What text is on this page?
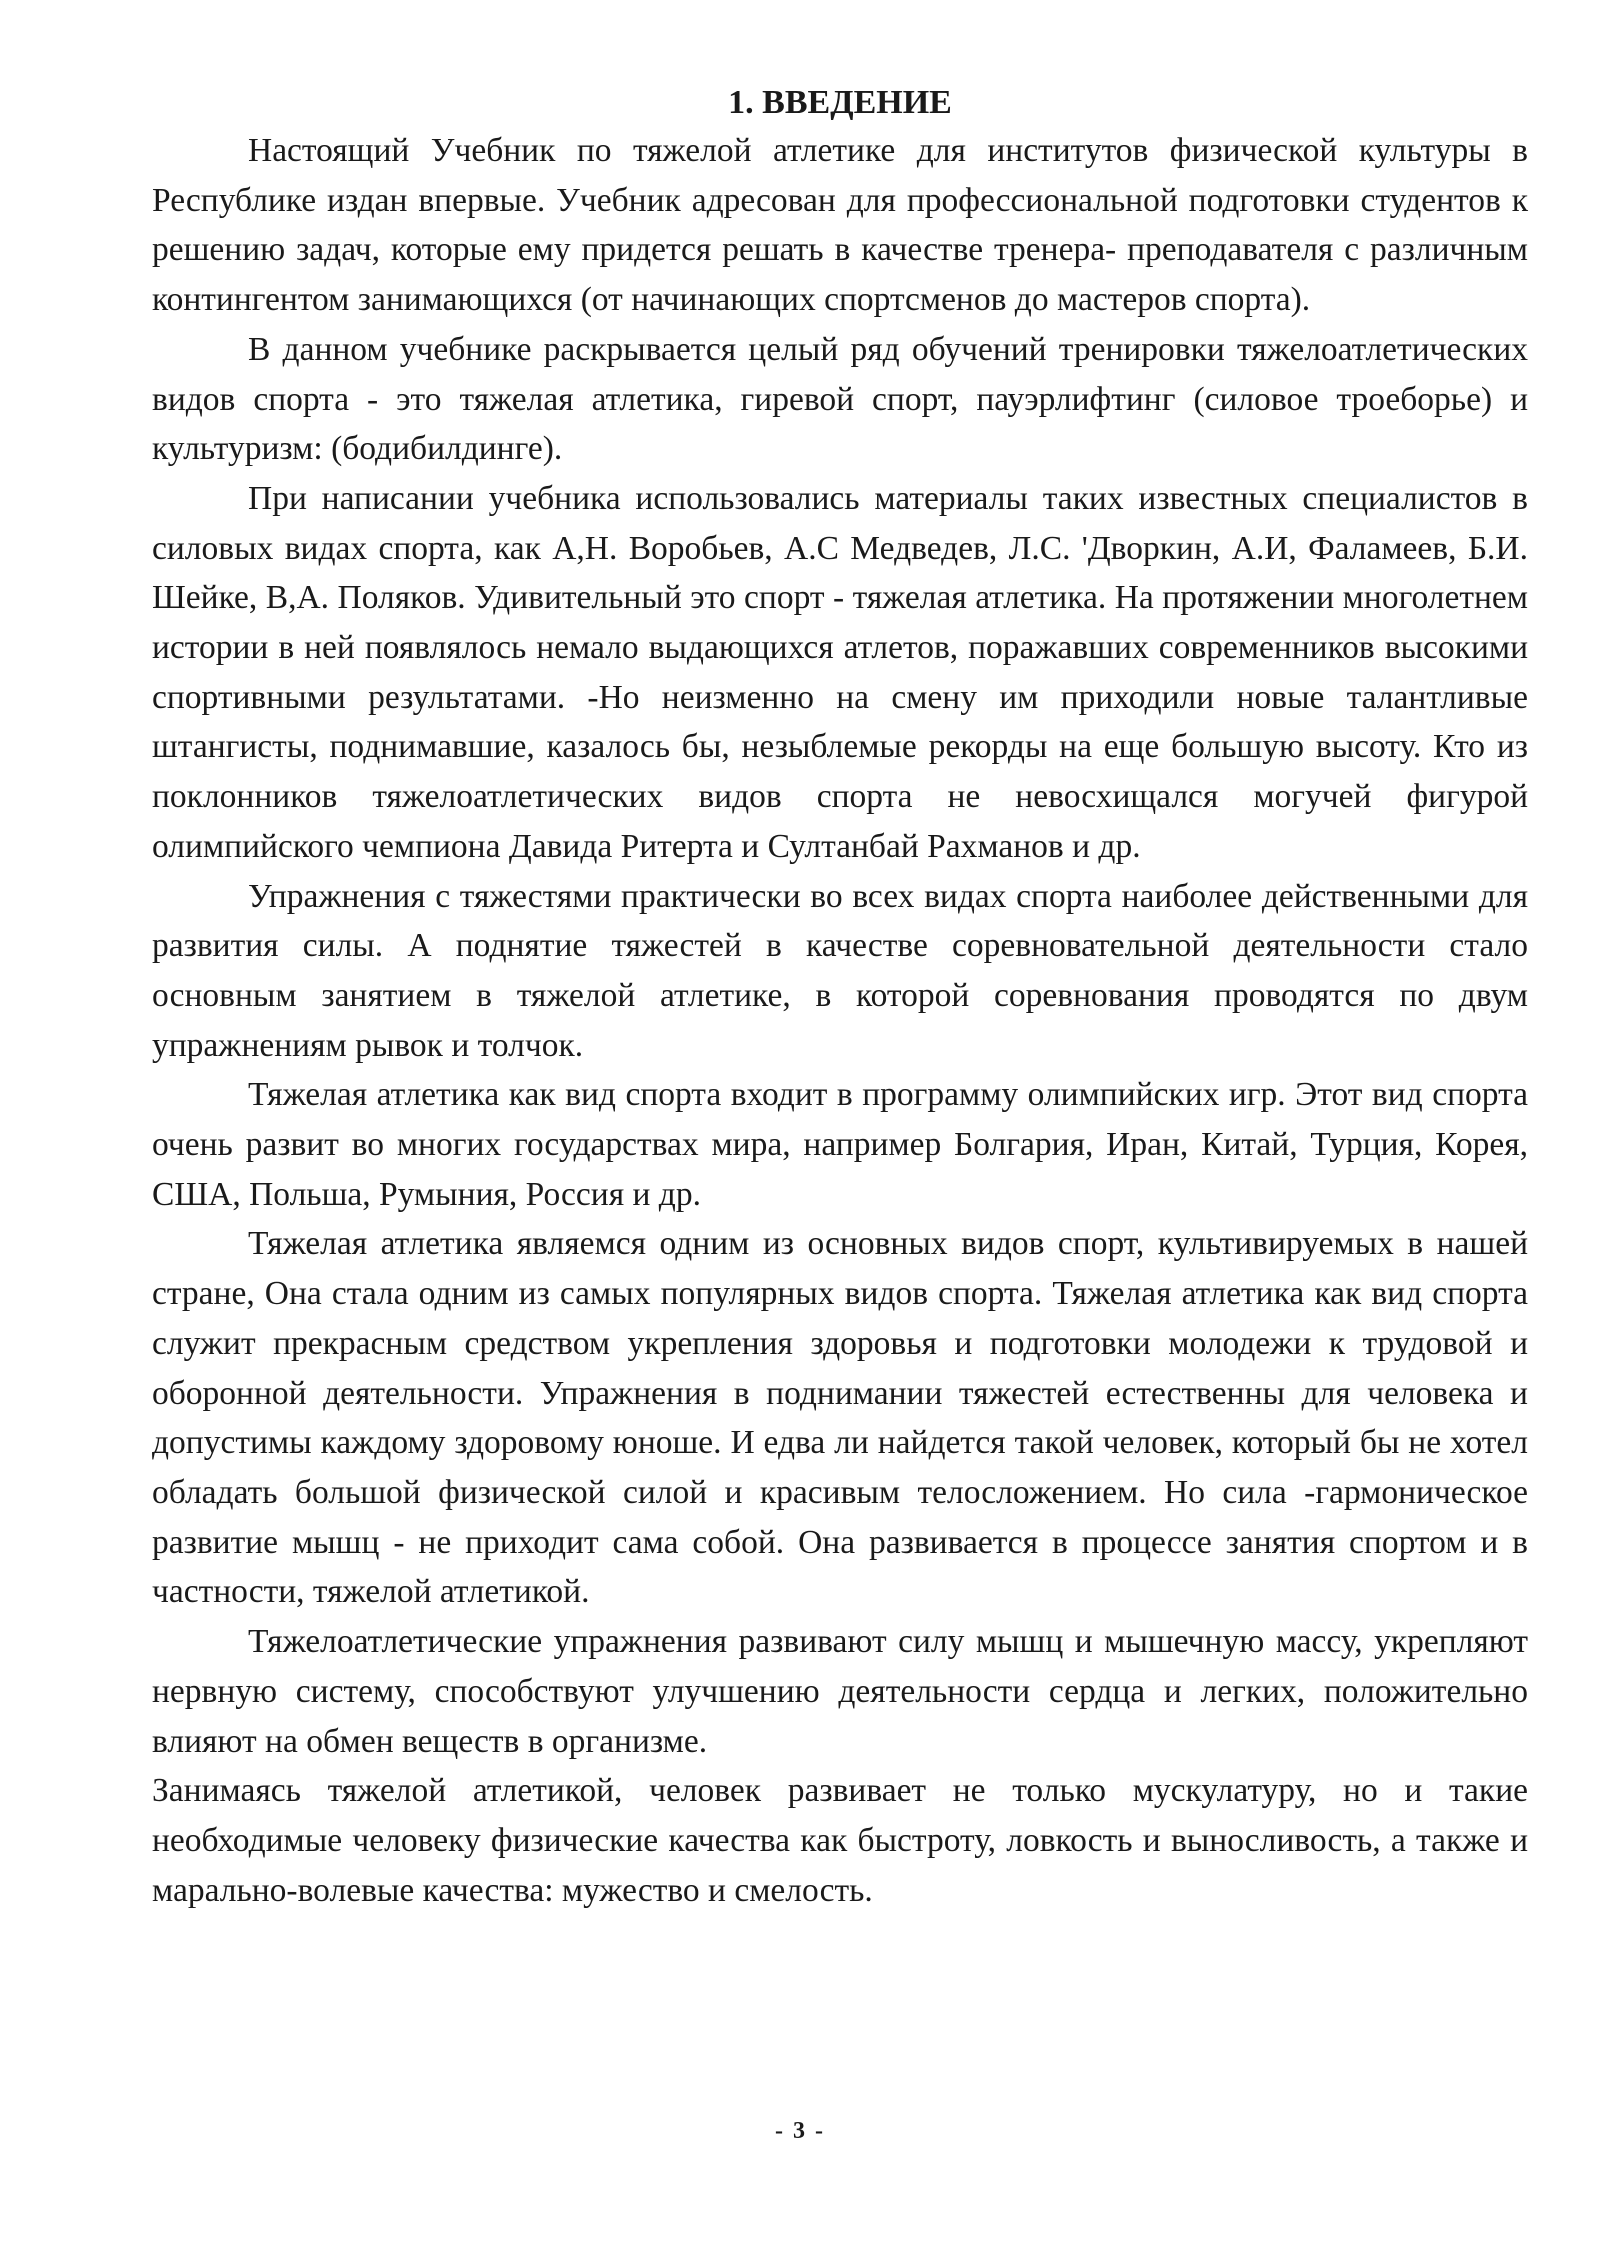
1. ВВЕДЕНИЕ

Настоящий Учебник по тяжелой атлетике для институтов физической культуры в Республике издан впервые. Учебник адресован для профессиональной подготовки студентов к решению задач, которые ему придется решать в качестве тренера- преподавателя с различным контингентом занимающихся (от начинающих спортсменов до мастеров спорта).

В данном учебнике раскрывается целый ряд обучений тренировки тяжелоатлетических видов спорта - это тяжелая атлетика, гиревой спорт, пауэрлифтинг (силовое троеборье) и культуризм: (бодибилдинге).

При написании учебника использовались материалы таких известных специалистов в силовых видах спорта, как А,Н. Воробьев, А.С Медведев, Л.С. 'Дворкин, А.И, Фаламеев, Б.И. Шейке, В,А. Поляков. Удивительный это спорт - тяжелая атлетика. На протяжении многолетнем истории в ней появлялось немало выдающихся атлетов, поражавших современников высокими спортивными результатами. -Но неизменно на смену им приходили новые талантливые штангисты, поднимавшие, казалось бы, незыблемые рекорды на еще большую высоту. Кто из поклонников тяжелоатлетических видов спорта не невосхищался могучей фигурой олимпийского чемпиона Давида Ритерта и Султанбай Рахманов и др.

Упражнения с тяжестями практически во всех видах спорта наиболее действенными для развития силы. А поднятие тяжестей в качестве соревновательной деятельности стало основным занятием в тяжелой атлетике, в которой соревнования проводятся по двум упражнениям рывок и толчок.

Тяжелая атлетика как вид спорта входит в программу олимпийских игр. Этот вид спорта очень развит во многих государствах мира, например Болгария, Иран, Китай, Турция, Корея, США, Польша, Румыния, Россия и др.

Тяжелая атлетика являемся одним из основных видов спорт, культивируемых в нашей стране, Она стала одним из самых популярных видов спорта. Тяжелая атлетика как вид спорта служит прекрасным средством укрепления здоровья и подготовки молодежи к трудовой и оборонной деятельности. Упражнения в поднимании тяжестей естественны для человека и допустимы каждому здоровому юноше. И едва ли найдется такой человек, который бы не хотел обладать большой физической силой и красивым телосложением. Но сила -гармоническое развитие мышц - не приходит сама собой. Она развивается в процессе занятия спортом и в частности, тяжелой атлетикой.

Тяжелоатлетические упражнения развивают силу мышц и мышечную массу, укрепляют нервную систему, способствуют улучшению деятельности сердца и легких, положительно влияют на обмен веществ в организме.

Занимаясь тяжелой атлетикой, человек развивает не только мускулатуру, но и такие необходимые человеку физические качества как быстроту, ловкость и выносливость, а также и марально-волевые качества: мужество и смелость.

- 3 -
